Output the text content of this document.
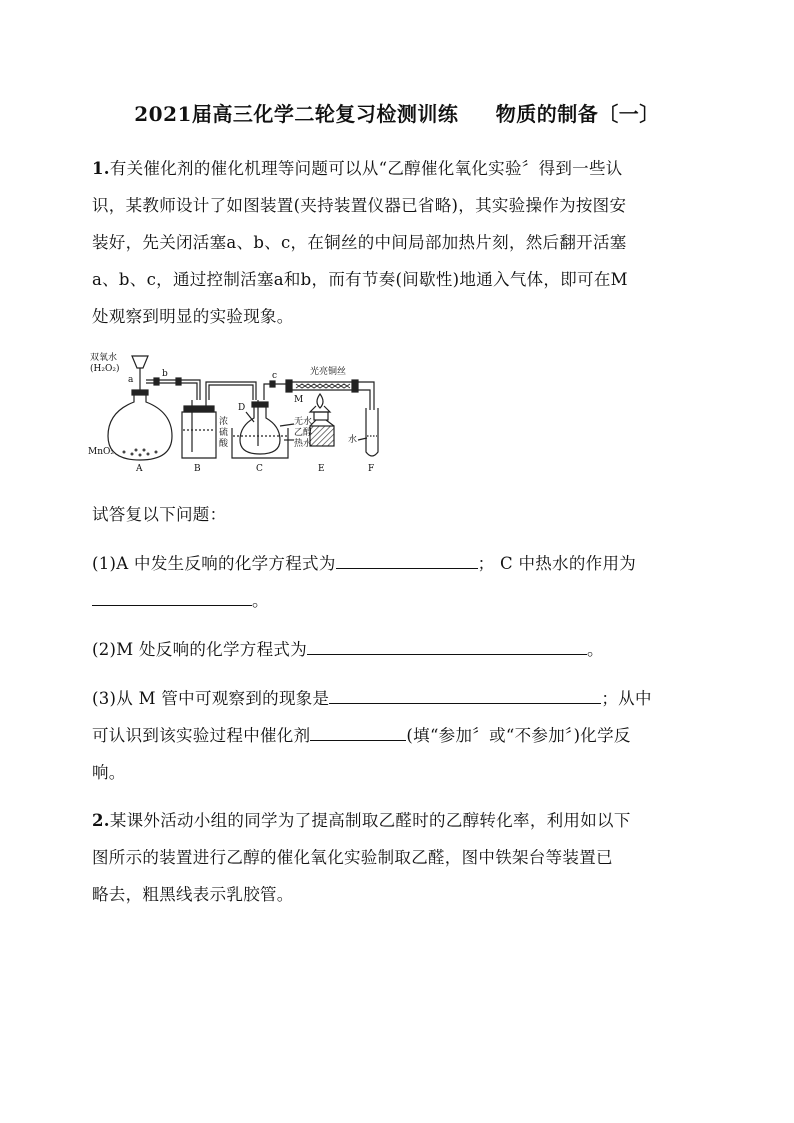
2021届高三化学二轮复习检测训练     物质的制备〔一〕
1.有关催化剂的催化机理等问题可以从“乙醇催化氧化实验〞得到一些认
识，某教师设计了如图装置(夹持装置仪器已省略)，其实验操作为按图安
装好，先关闭活塞a、b、c，在铜丝的中间局部加热片刻，然后翻开活塞
a、b、c，通过控制活塞a和b，而有节奏(间歇性)地通入气体，即可在M
处观察到明显的实验现象。
双氧水
(H₂O₂)
a
b	c
MnO₂
浓
硫
酸
D
无水
乙醇
热水
光亮铜丝
M
水
A	B	C	E	F
试答复以下问题：
(1)A 中发生反响的化学方程式为	； C 中热水的作用为
。
(2)M 处反响的化学方程式为	。
(3)从 M 管中可观察到的现象是	；从中
可认识到该实验过程中催化剂	(填“参加〞或“不参加〞)化学反
响。
2.某课外活动小组的同学为了提高制取乙醛时的乙醇转化率，利用如以下
图所示的装置进行乙醇的催化氧化实验制取乙醛，图中铁架台等装置已
略去，粗黑线表示乳胶管。
